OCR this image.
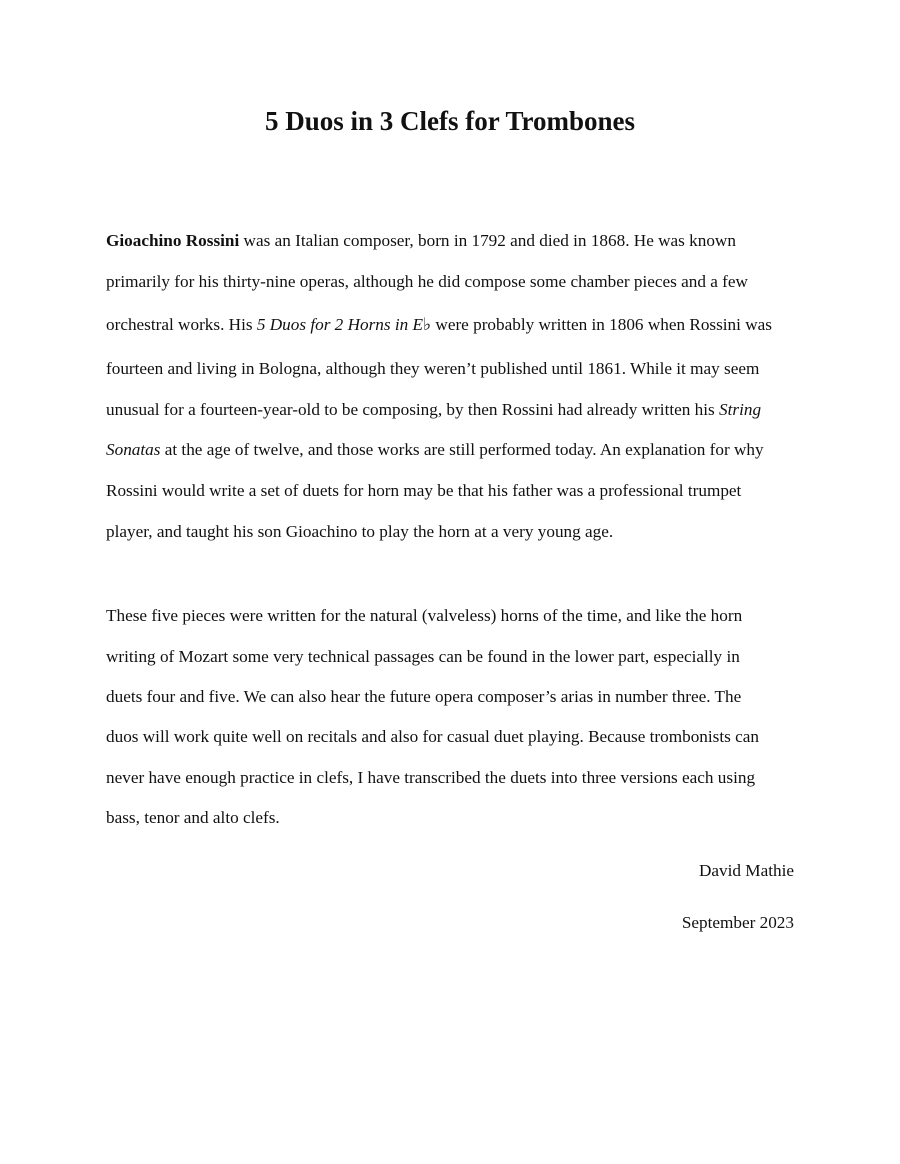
5 Duos in 3 Clefs for Trombones

Gioachino Rossini was an Italian composer, born in 1792 and died in 1868. He was known

primarily for his thirty-nine operas, although he did compose some chamber pieces and a few

orchestral works. His 5 Duos for 2 Horns in E♭ were probably written in 1806 when Rossini was

fourteen and living in Bologna, although they weren’t published until 1861. While it may seem

unusual for a fourteen-year-old to be composing, by then Rossini had already written his String

Sonatas at the age of twelve, and those works are still performed today. An explanation for why

Rossini would write a set of duets for horn may be that his father was a professional trumpet

player, and taught his son Gioachino to play the horn at a very young age.

These five pieces were written for the natural (valveless) horns of the time, and like the horn

writing of Mozart some very technical passages can be found in the lower part, especially in

duets four and five. We can also hear the future opera composer’s arias in number three. The

duos will work quite well on recitals and also for casual duet playing. Because trombonists can

never have enough practice in clefs, I have transcribed the duets into three versions each using

bass, tenor and alto clefs.

David Mathie

September 2023
